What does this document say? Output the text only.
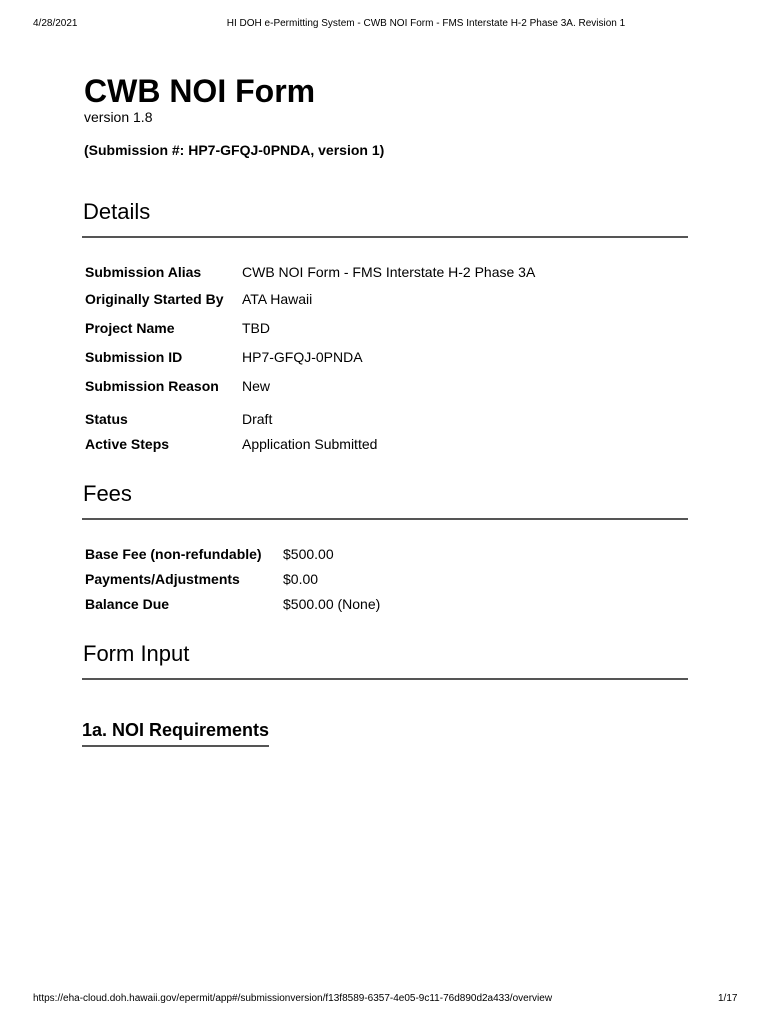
4/28/2021	HI DOH e-Permitting System - CWB NOI Form - FMS Interstate H-2 Phase 3A. Revision 1
CWB NOI Form
version 1.8
(Submission #: HP7-GFQJ-0PNDA, version 1)
Details
Submission Alias	CWB NOI Form - FMS Interstate H-2 Phase 3A
Originally Started By ATA Hawaii
Project Name	TBD
Submission ID	HP7-GFQJ-0PNDA
Submission Reason New
Status	Draft
Active Steps	Application Submitted
Fees
Base Fee (non-refundable) $500.00
Payments/Adjustments	$0.00
Balance Due	$500.00 (None)
Form Input
1a. NOI Requirements
https://eha-cloud.doh.hawaii.gov/epermit/app#/submissionversion/f13f8589-6357-4e05-9c11-76d890d2a433/overview	1/17
